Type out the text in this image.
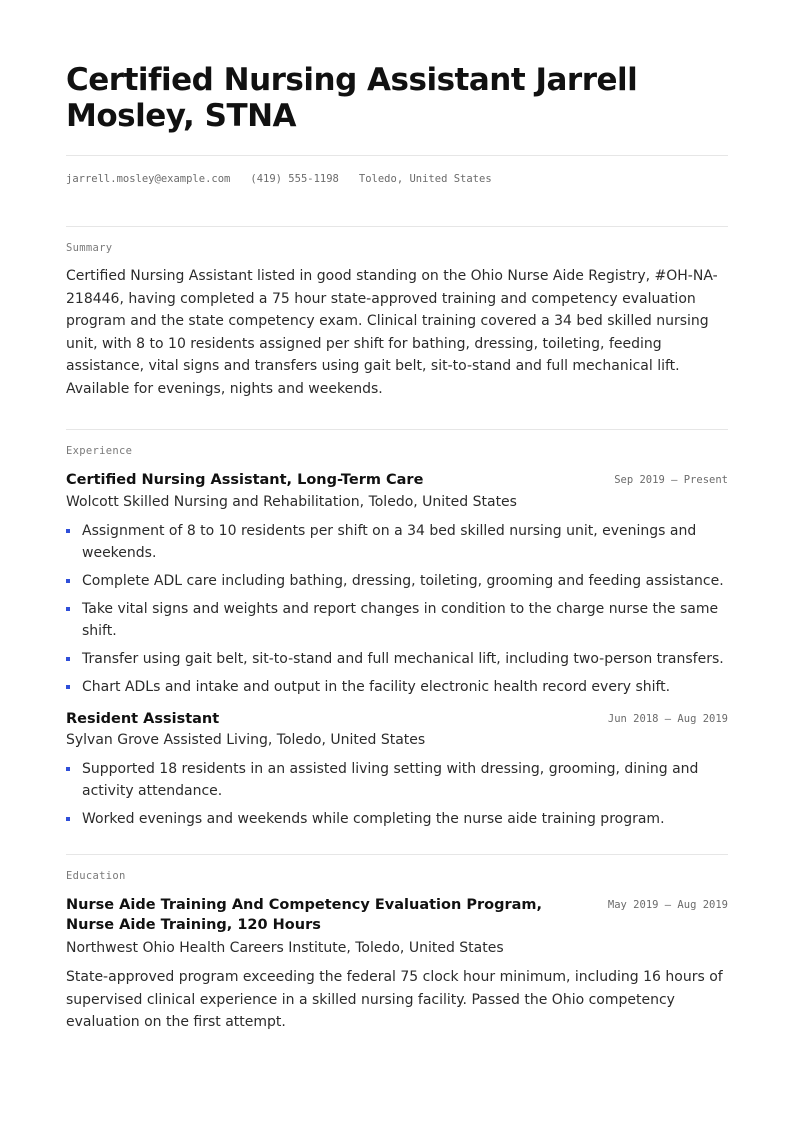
Certified Nursing Assistant Jarrell Mosley, STNA
jarrell.mosley@example.com (419) 555-1198 Toledo, United States
Summary

Certified Nursing Assistant listed in good standing on the Ohio Nurse Aide Registry, #OH-NA-218446, having completed a 75 hour state-approved training and competency evaluation program and the state competency exam. Clinical training covered a 34 bed skilled nursing unit, with 8 to 10 residents assigned per shift for bathing, dressing, toileting, feeding assistance, vital signs and transfers using gait belt, sit-to-stand and full mechanical lift. Available for evenings, nights and weekends.

Experience
Certified Nursing Assistant, Long-Term Care	Sep 2019 — Present
Wolcott Skilled Nursing and Rehabilitation, Toledo, United States
Assignment of 8 to 10 residents per shift on a 34 bed skilled nursing unit, evenings and weekends.
Complete ADL care including bathing, dressing, toileting, grooming and feeding assistance.
Take vital signs and weights and report changes in condition to the charge nurse the same shift.
Transfer using gait belt, sit-to-stand and full mechanical lift, including two-person transfers.
Chart ADLs and intake and output in the facility electronic health record every shift.
Resident Assistant	Jun 2018 — Aug 2019
Sylvan Grove Assisted Living, Toledo, United States
Supported 18 residents in an assisted living setting with dressing, grooming, dining and activity attendance.
Worked evenings and weekends while completing the nurse aide training program.
Education
Nurse Aide Training And Competency Evaluation Program, Nurse Aide Training, 120 Hours
May 2019 — Aug 2019
Northwest Ohio Health Careers Institute, Toledo, United States

State-approved program exceeding the federal 75 clock hour minimum, including 16 hours of supervised clinical experience in a skilled nursing facility. Passed the Ohio competency evaluation on the first attempt.
